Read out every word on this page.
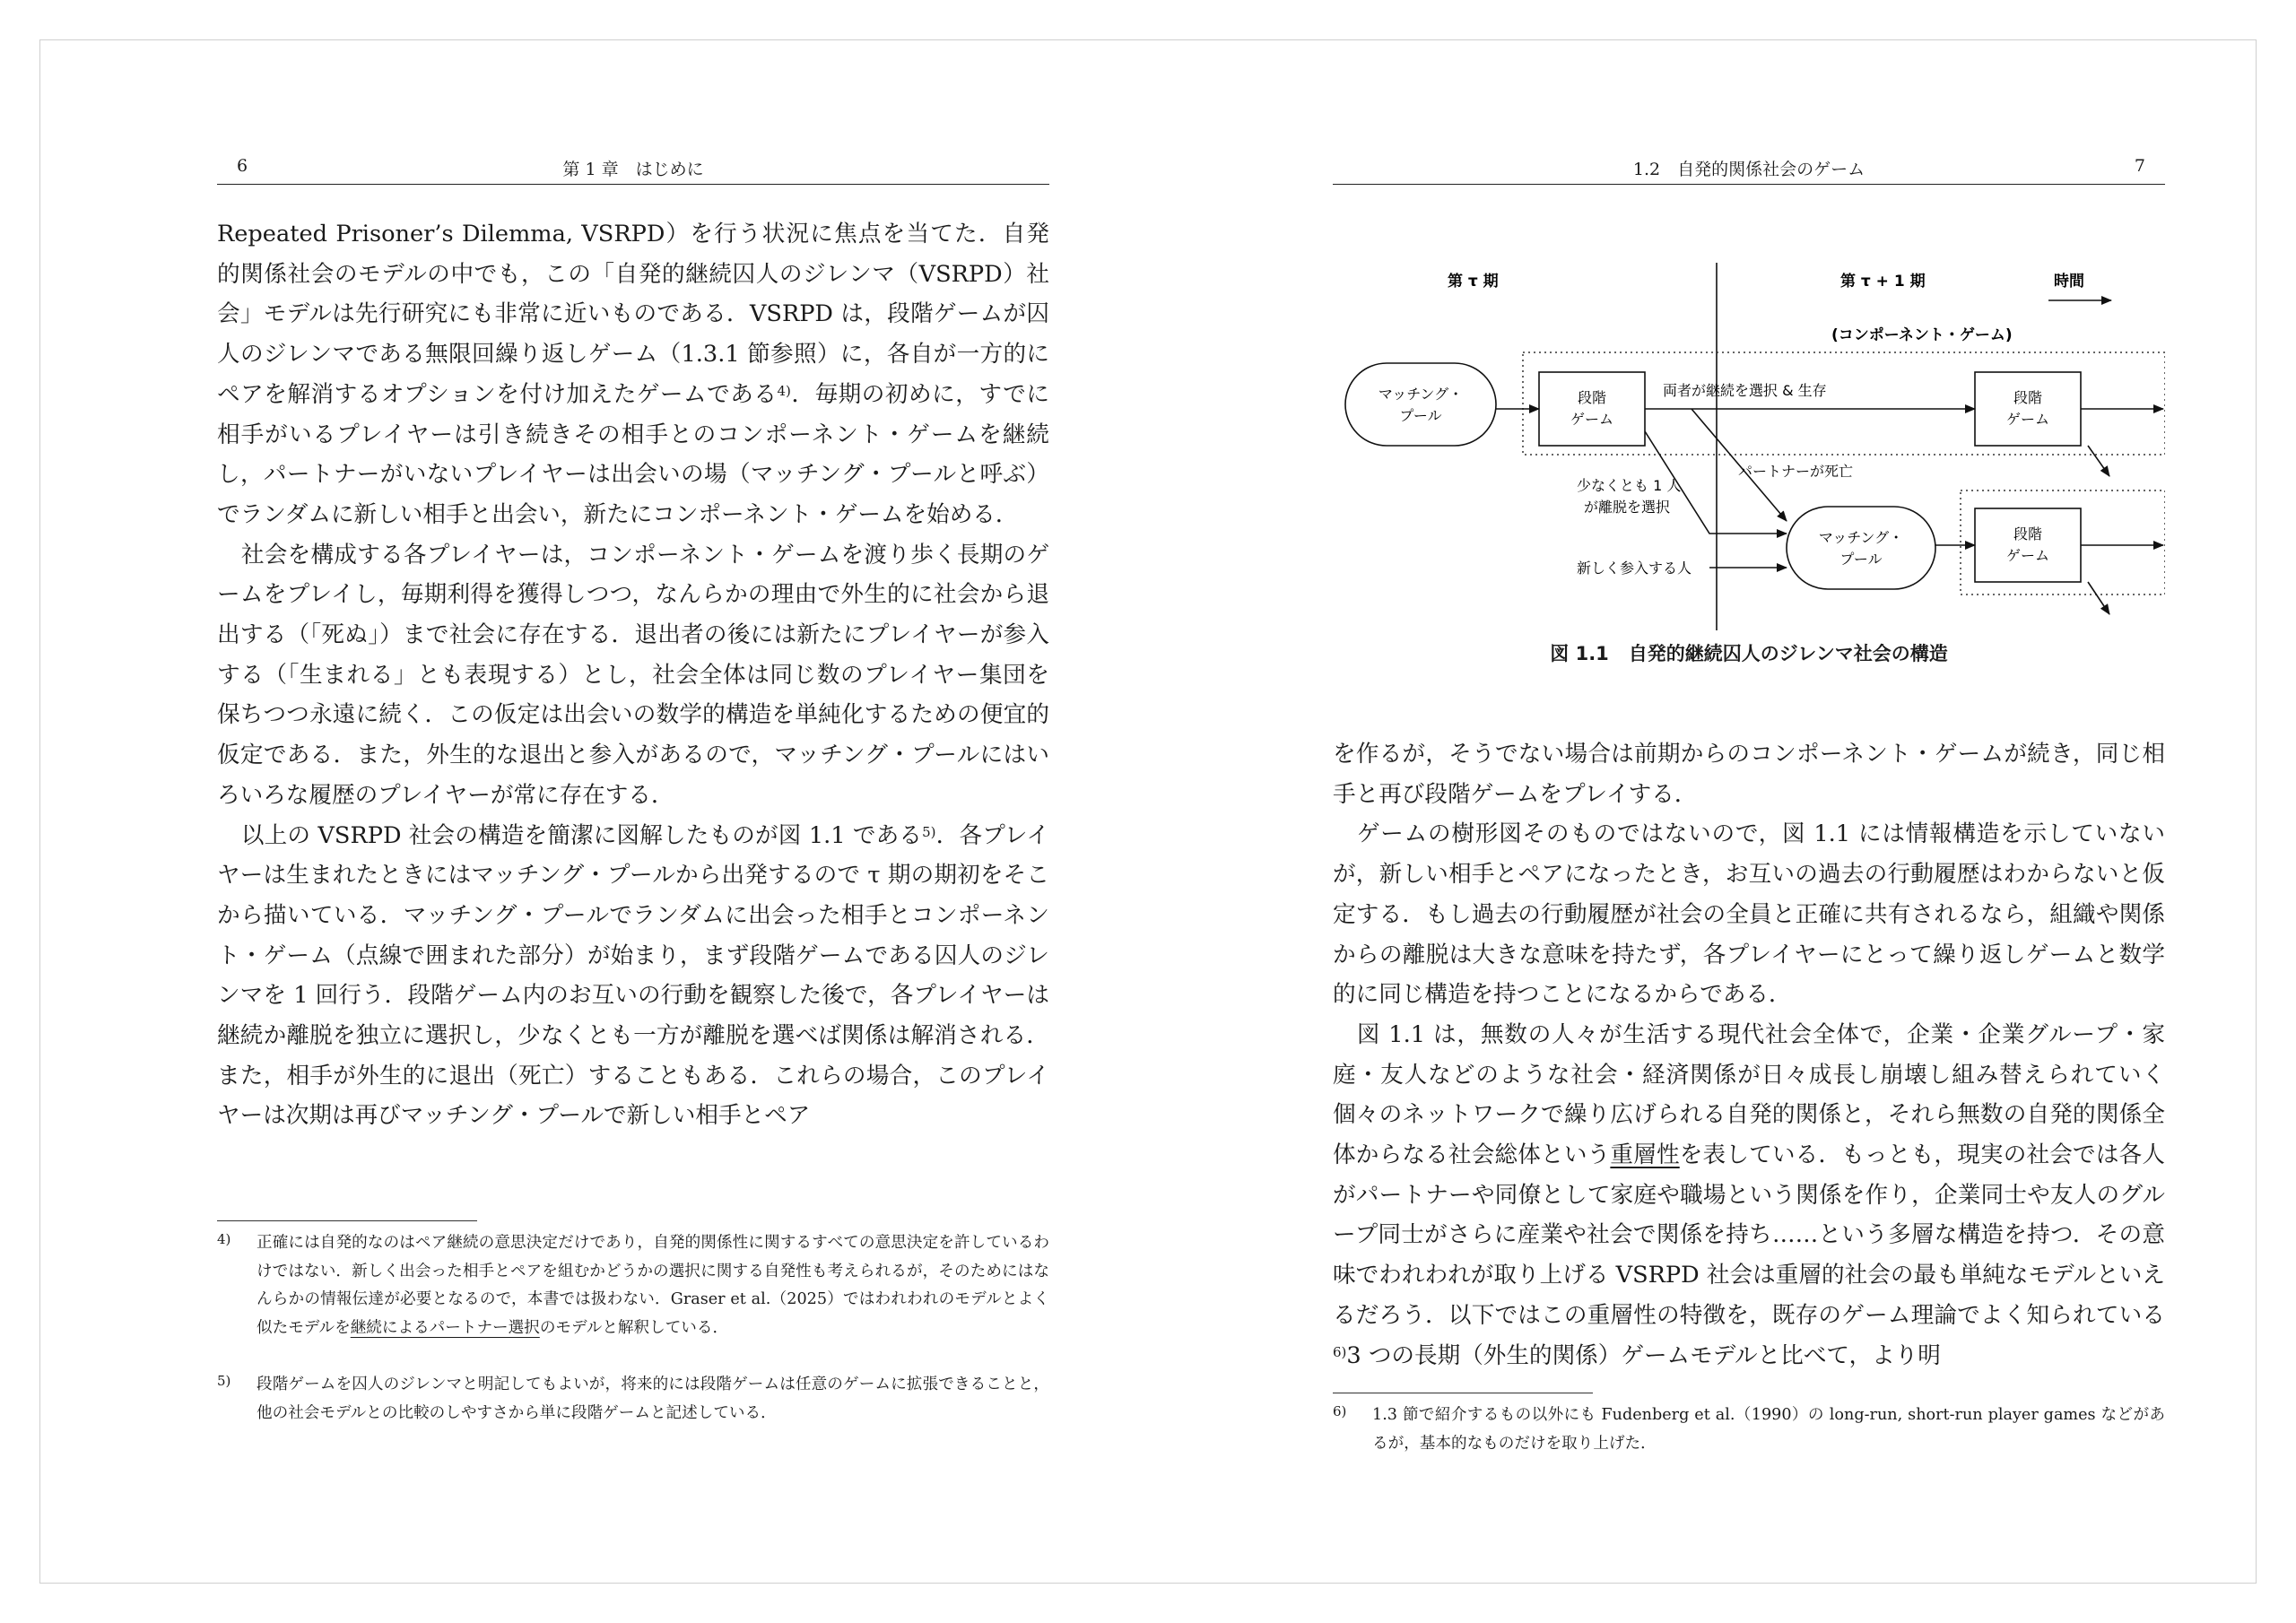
6	第 1 章　はじめに

Repeated Prisoner’s Dilemma, VSRPD）を行う状況に焦点を当てた．自発的関係社会のモデルの中でも，この「自発的継続囚人のジレンマ（VSRPD）社会」モデルは先行研究にも非常に近いものである．VSRPD は，段階ゲームが囚人のジレンマである無限回繰り返しゲーム（1.3.1 節参照）に，各自が一方的にペアを解消するオプションを付け加えたゲームである$^{4)}$．毎期の初めに，すでに相手がいるプレイヤーは引き続きその相手とのコンポーネント・ゲームを継続し，パートナーがいないプレイヤーは出会いの場（マッチング・プールと呼ぶ）でランダムに新しい相手と出会い，新たにコンポーネント・ゲームを始める．

社会を構成する各プレイヤーは，コンポーネント・ゲームを渡り歩く長期のゲームをプレイし，毎期利得を獲得しつつ，なんらかの理由で外生的に社会から退出する（「死ぬ」）まで社会に存在する．退出者の後には新たにプレイヤーが参入する（「生まれる」とも表現する）とし，社会全体は同じ数のプレイヤー集団を保ちつつ永遠に続く．この仮定は出会いの数学的構造を単純化するための便宜的仮定である．また，外生的な退出と参入があるので，マッチング・プールにはいろいろな履歴のプレイヤーが常に存在する．

以上の VSRPD 社会の構造を簡潔に図解したものが図 1.1 である$^{5)}$．各プレイヤーは生まれたときにはマッチング・プールから出発するので τ 期の期初をそこから描いている．マッチング・プールでランダムに出会った相手とコンポーネント・ゲーム（点線で囲まれた部分）が始まり，まず段階ゲームである囚人のジレンマを 1 回行う．段階ゲーム内のお互いの行動を観察した後で，各プレイヤーは継続か離脱を独立に選択し，少なくとも一方が離脱を選べば関係は解消される．また，相手が外生的に退出（死亡）することもある．これらの場合，このプレイヤーは次期は再びマッチング・プールで新しい相手とペア

4) 正確には自発的なのはペア継続の意思決定だけであり，自発的関係性に関するすべての意思決定を許しているわけではない．新しく出会った相手とペアを組むかどうかの選択に関する自発性も考えられるが，そのためにはなんらかの情報伝達が必要となるので，本書では扱わない．Graser et al.（2025）ではわれわれのモデルとよく似たモデルを継続によるパートナー選択のモデルと解釈している．
5) 段階ゲームを囚人のジレンマと明記してもよいが，将来的には段階ゲームは任意のゲームに拡張できることと，他の社会モデルとの比較のしやすさから単に段階ゲームと記述している．
1.2　自発的関係社会のゲーム	7
第 τ 期	第 τ + 1 期	時間
(コンポーネント・ゲーム)
マッチング・
プール
段階
ゲーム
段階
ゲーム
マッチング・
プール
段階
ゲーム
両者が継続を選択 & 生存
パートナーが死亡
少なくとも 1 人
が離脱を選択
新しく参入する人
図 1.1 自発的継続囚人のジレンマ社会の構造

を作るが，そうでない場合は前期からのコンポーネント・ゲームが続き，同じ相手と再び段階ゲームをプレイする．

ゲームの樹形図そのものではないので，図 1.1 には情報構造を示していないが，新しい相手とペアになったとき，お互いの過去の行動履歴はわからないと仮定する．もし過去の行動履歴が社会の全員と正確に共有されるなら，組織や関係からの離脱は大きな意味を持たず，各プレイヤーにとって繰り返しゲームと数学的に同じ構造を持つことになるからである．

図 1.1 は，無数の人々が生活する現代社会全体で，企業・企業グループ・家庭・友人などのような社会・経済関係が日々成長し崩壊し組み替えられていく個々のネットワークで繰り広げられる自発的関係と，それら無数の自発的関係全体からなる社会総体という重層性を表している．もっとも，現実の社会では各人がパートナーや同僚として家庭や職場という関係を作り，企業同士や友人のグループ同士がさらに産業や社会で関係を持ち……という多層な構造を持つ．その意味でわれわれが取り上げる VSRPD 社会は重層的社会の最も単純なモデルといえるだろう．以下ではこの重層性の特徴を，既存のゲーム理論でよく知られている$^{6)}$3 つの長期（外生的関係）ゲームモデルと比べて，より明

6) 1.3 節で紹介するもの以外にも Fudenberg et al.（1990）の long-run, short-run player games などがあるが，基本的なものだけを取り上げた．
